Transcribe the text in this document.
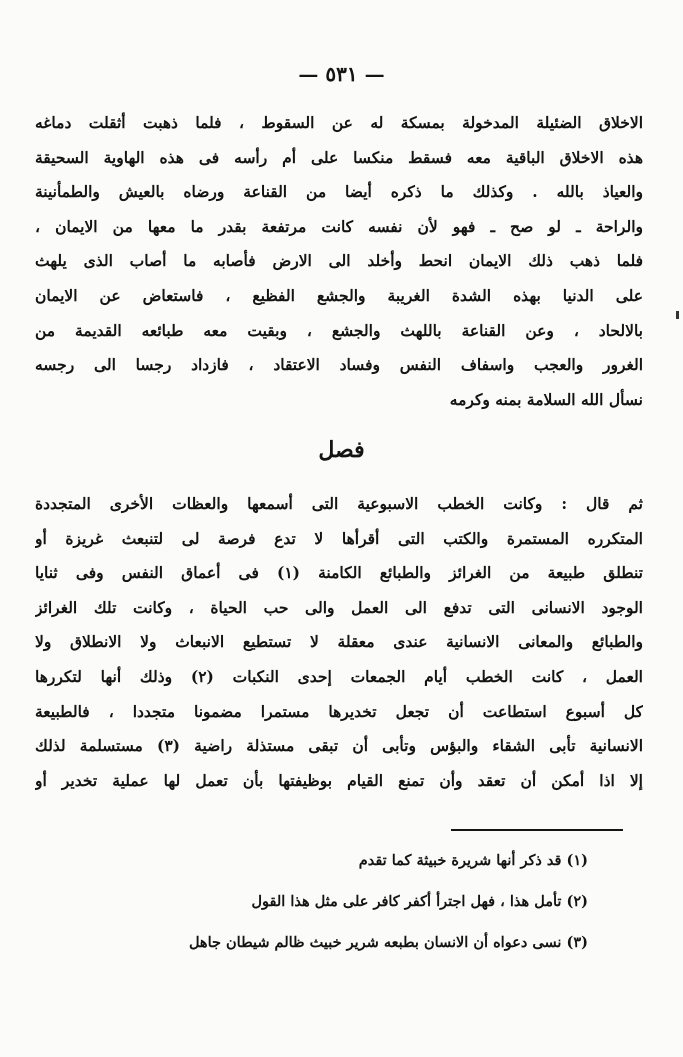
— ٥٣١ —
الاخلاق الضئيلة المدخولة بمسكة له عن السقوط ، فلما ذهبت أثقلت دماغه
هذه الاخلاق الباقية معه فسقط منكسا على أم رأسه فى هذه الهاوية السحيقة
والعياذ بالله . وكذلك ما ذكره أيضا من القناعة ورضاه بالعيش والطمأنينة
والراحة ـ لو صح ـ فهو لأن نفسه كانت مرتفعة بقدر ما معها من الايمان ،
فلما ذهب ذلك الايمان انحط وأخلد الى الارض فأصابه ما أصاب الذى يلهث
على الدنيا بهذه الشدة الغريبة والجشع الفظيع ، فاستعاض عن الايمان
بالالحاد ، وعن القناعة باللهث والجشع ، وبقيت معه طبائعه القديمة من
الغرور والعجب واسفاف النفس وفساد الاعتقاد ، فازداد رجسا الى رجسه
نسأل الله السلامة بمنه وكرمه
فصل
ثم قال : وكانت الخطب الاسبوعية التى أسمعها والعظات الأخرى المتجددة
المتكرره المستمرة والكتب التى أقرأها لا تدع فرصة لى لتنبعث غريزة أو
تنطلق طبيعة من الغرائز والطبائع الكامنة (١) فى أعماق النفس وفى ثنايا
الوجود الانسانى التى تدفع الى العمل والى حب الحياة ، وكانت تلك الغرائز
والطبائع والمعانى الانسانية عندى معقلة لا تستطيع الانبعاث ولا الانطلاق ولا
العمل ، كانت الخطب أيام الجمعات إحدى النكبات (٢) وذلك أنها لتكررها
كل أسبوع استطاعت أن تجعل تخديرها مستمرا مضمونا متجددا ، فالطبيعة
الانسانية تأبى الشقاء والبؤس وتأبى أن تبقى مستذلة راضية (٣) مستسلمة لذلك
إلا اذا أمكن أن تعقد وأن تمنع القيام بوظيفتها بأن تعمل لها عملية تخدير أو
(١) قد ذكر أنها شريرة خبيثة كما تقدم
(٢) تأمل هذا ، فهل اجترأ أكفر كافر على مثل هذا القول
(٣) نسى دعواه أن الانسان بطبعه شرير خبيث ظالم شيطان جاهل
